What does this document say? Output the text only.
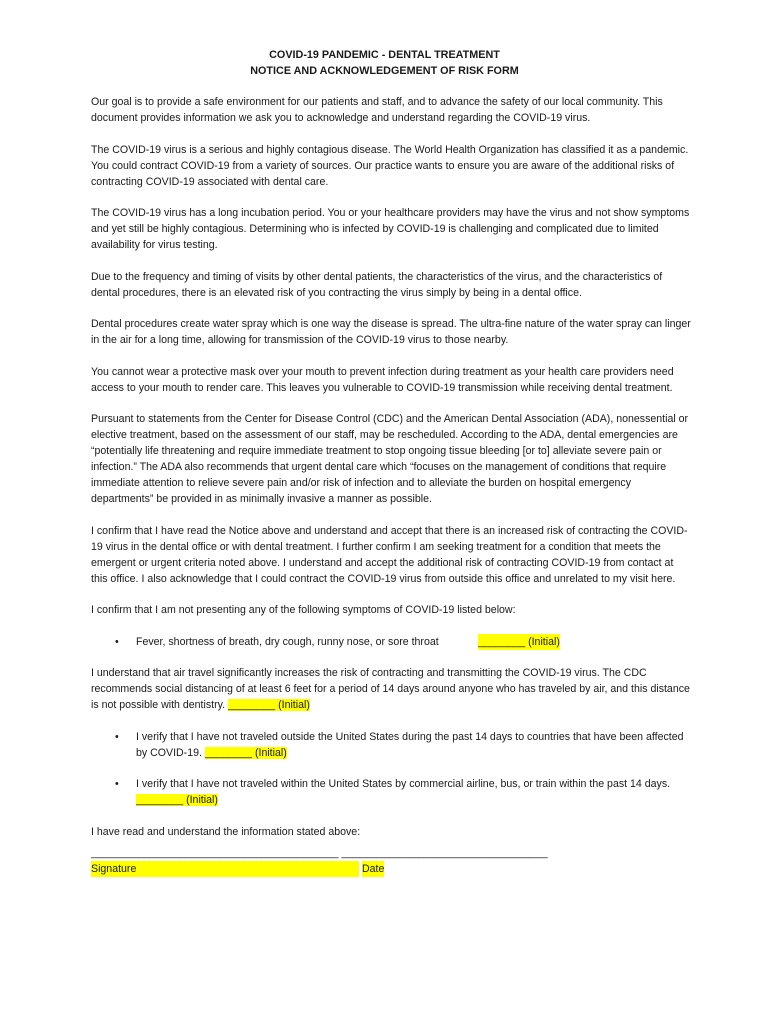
COVID-19 PANDEMIC - DENTAL TREATMENT
NOTICE AND ACKNOWLEDGEMENT OF RISK FORM

Our goal is to provide a safe environment for our patients and staff, and to advance the safety of our local community. This document provides information we ask you to acknowledge and understand regarding the COVID-19 virus.

The COVID-19 virus is a serious and highly contagious disease. The World Health Organization has classified it as a pandemic. You could contract COVID-19 from a variety of sources. Our practice wants to ensure you are aware of the additional risks of contracting COVID-19 associated with dental care.

The COVID-19 virus has a long incubation period. You or your healthcare providers may have the virus and not show symptoms and yet still be highly contagious. Determining who is infected by COVID-19 is challenging and complicated due to limited availability for virus testing.

Due to the frequency and timing of visits by other dental patients, the characteristics of the virus, and the characteristics of dental procedures, there is an elevated risk of you contracting the virus simply by being in a dental office.

Dental procedures create water spray which is one way the disease is spread. The ultra-fine nature of the water spray can linger in the air for a long time, allowing for transmission of the COVID-19 virus to those nearby.

You cannot wear a protective mask over your mouth to prevent infection during treatment as your health care providers need access to your mouth to render care. This leaves you vulnerable to COVID-19 transmission while receiving dental treatment.

Pursuant to statements from the Center for Disease Control (CDC) and the American Dental Association (ADA), nonessential or elective treatment, based on the assessment of our staff, may be rescheduled. According to the ADA, dental emergencies are “potentially life threatening and require immediate treatment to stop ongoing tissue bleeding [or to] alleviate severe pain or infection.” The ADA also recommends that urgent dental care which “focuses on the management of conditions that require immediate attention to relieve severe pain and/or risk of infection and to alleviate the burden on hospital emergency departments” be provided in as minimally invasive a manner as possible.

I confirm that I have read the Notice above and understand and accept that there is an increased risk of contracting the COVID-19 virus in the dental office or with dental treatment. I further confirm I am seeking treatment for a condition that meets the emergent or urgent criteria noted above. I understand and accept the additional risk of contracting COVID-19 from contact at this office. I also acknowledge that I could contract the COVID-19 virus from outside this office and unrelated to my visit here.

I confirm that I am not presenting any of the following symptoms of COVID-19 listed below:

• Fever, shortness of breath, dry cough, runny nose, or sore throat	________ (Initial)

I understand that air travel significantly increases the risk of contracting and transmitting the COVID-19 virus. The CDC recommends social distancing of at least 6 feet for a period of 14 days around anyone who has traveled by air, and this distance is not possible with dentistry. ________ (Initial)

• I verify that I have not traveled outside the United States during the past 14 days to countries that have been affected by COVID-19. ________ (Initial)
• I verify that I have not traveled within the United States by commercial airline, bus, or train within the past 14 days. ________ (Initial)

I have read and understand the information stated above:

__________________________________________ ___________________________________
Signature	Date
